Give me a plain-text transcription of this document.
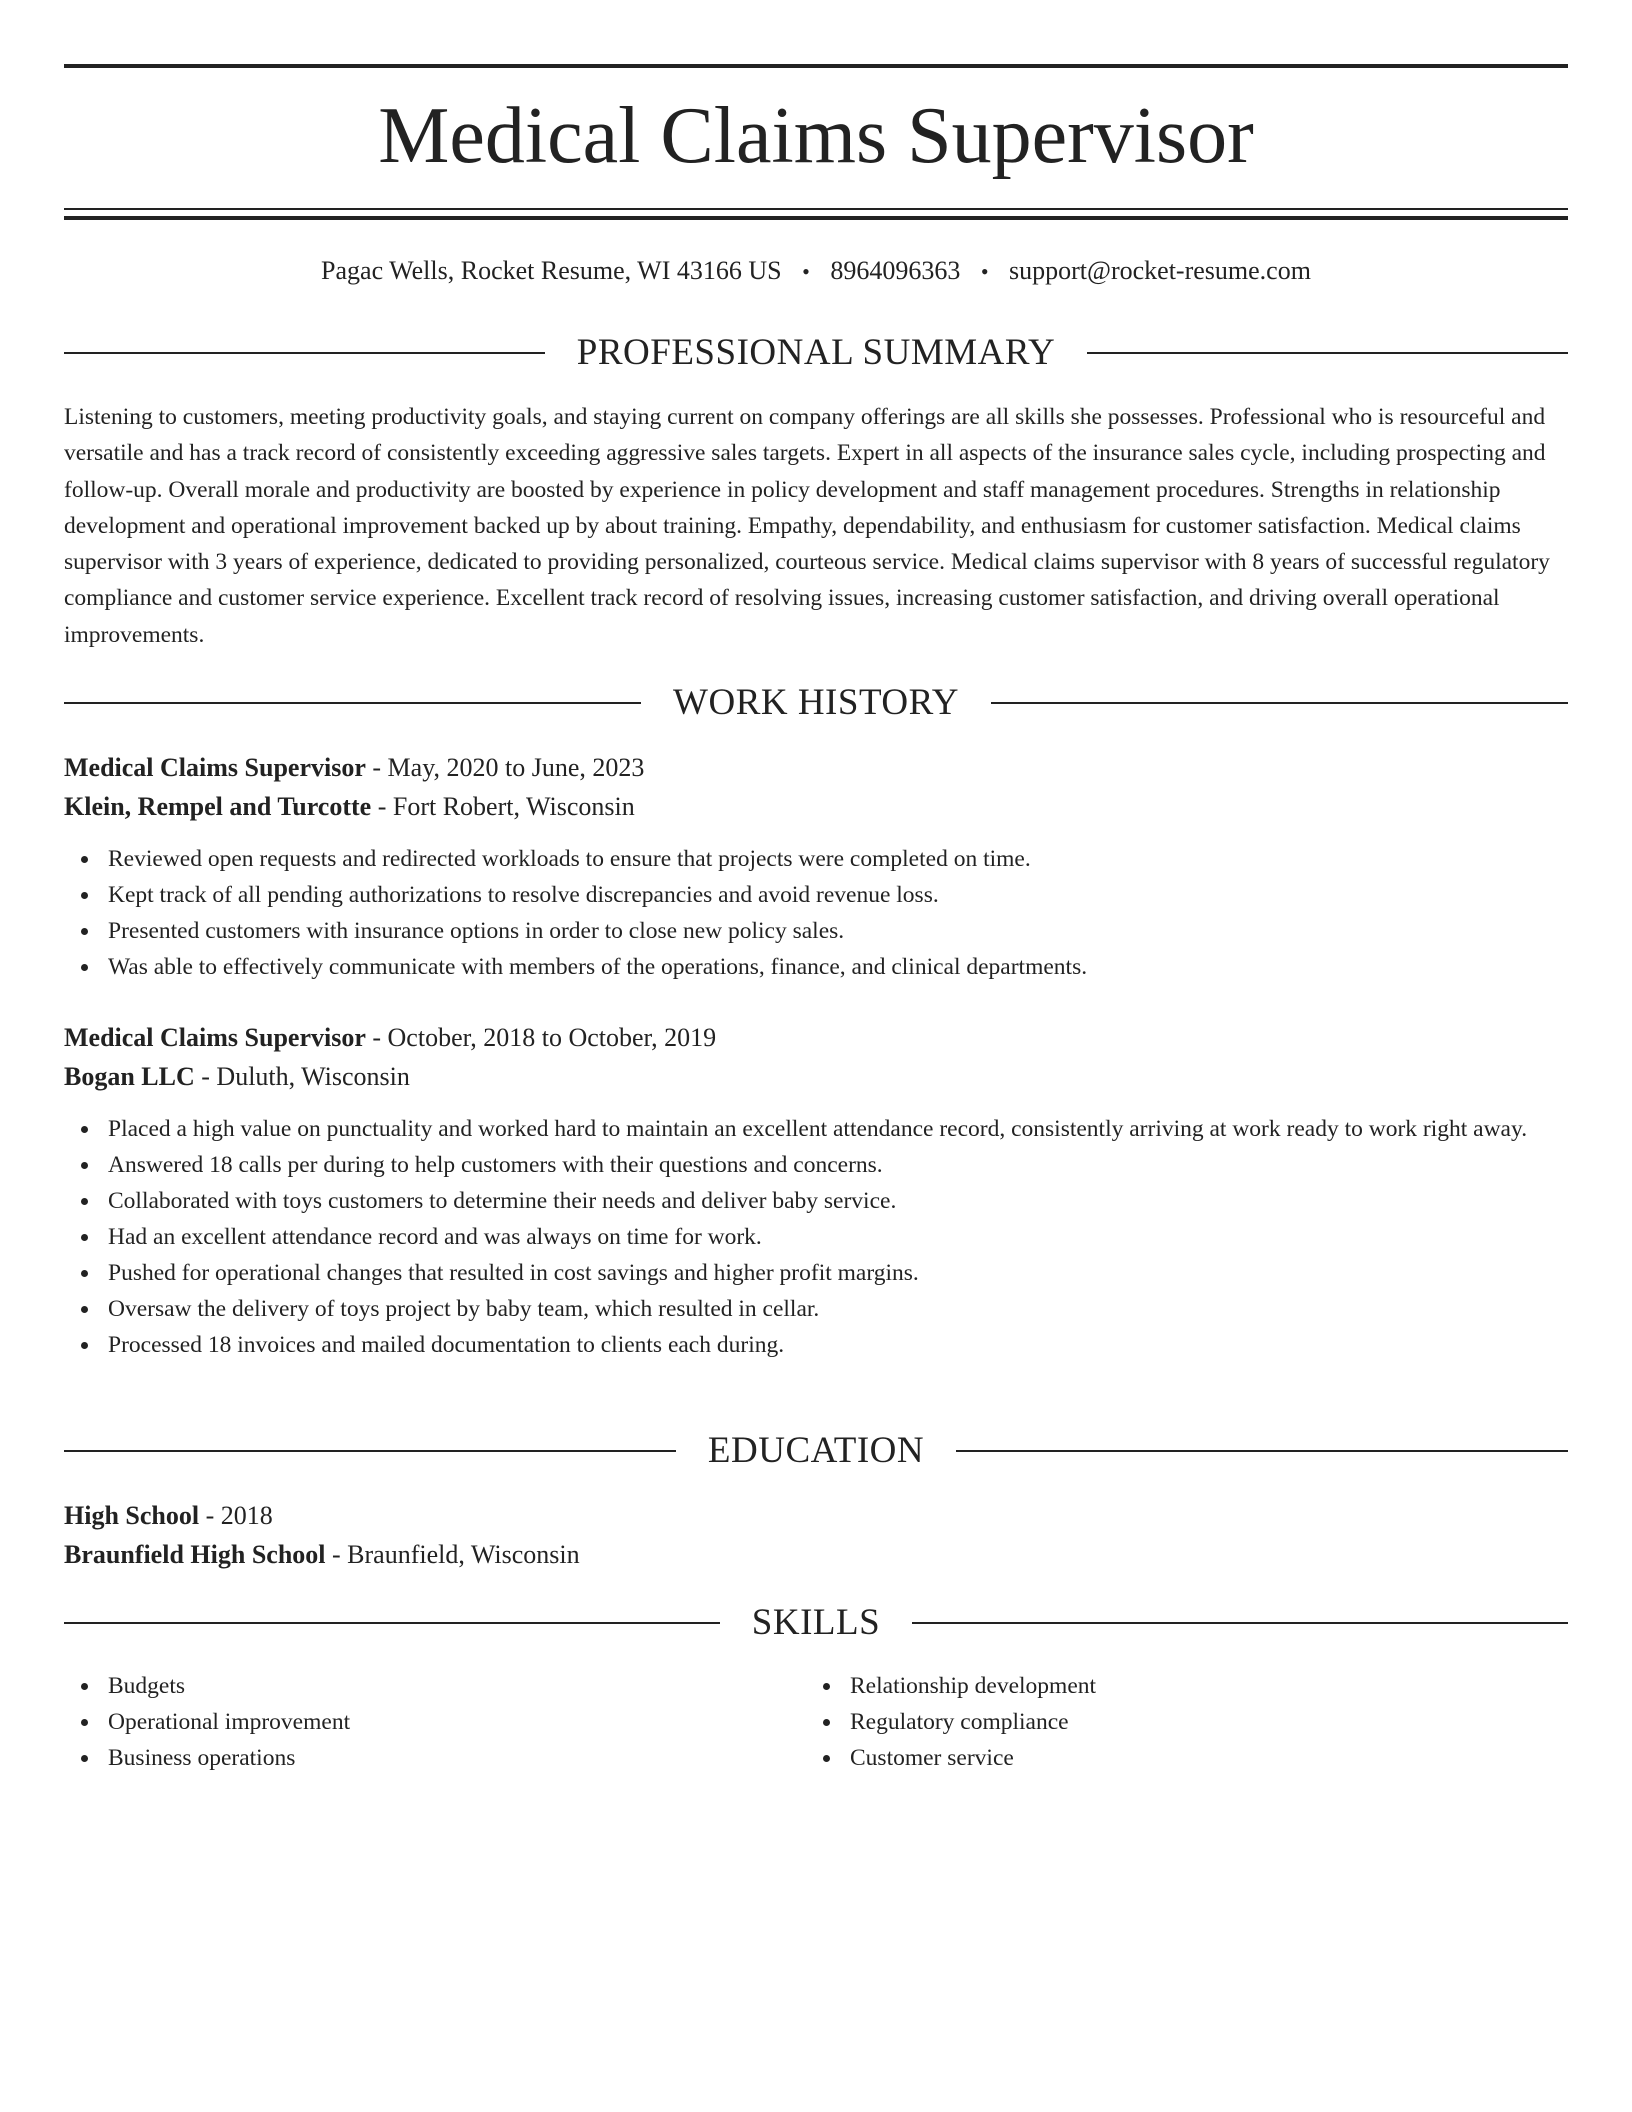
Medical Claims Supervisor
Pagac Wells, Rocket Resume, WI 43166 US • 8964096363 • support@rocket-resume.com
PROFESSIONAL SUMMARY

Listening to customers, meeting productivity goals, and staying current on company offerings are all skills she possesses. Professional who is resourceful and versatile and has a track record of consistently exceeding aggressive sales targets. Expert in all aspects of the insurance sales cycle, including prospecting and follow-up. Overall morale and productivity are boosted by experience in policy development and staff management procedures. Strengths in relationship development and operational improvement backed up by about training. Empathy, dependability, and enthusiasm for customer satisfaction. Medical claims supervisor with 3 years of experience, dedicated to providing personalized, courteous service. Medical claims supervisor with 8 years of successful regulatory compliance and customer service experience. Excellent track record of resolving issues, increasing customer satisfaction, and driving overall operational improvements.

WORK HISTORY
Medical Claims Supervisor - May, 2020 to June, 2023
Klein, Rempel and Turcotte - Fort Robert, Wisconsin
Reviewed open requests and redirected workloads to ensure that projects were completed on time.
Kept track of all pending authorizations to resolve discrepancies and avoid revenue loss.
Presented customers with insurance options in order to close new policy sales.
Was able to effectively communicate with members of the operations, finance, and clinical departments.
Medical Claims Supervisor - October, 2018 to October, 2019
Bogan LLC - Duluth, Wisconsin
Placed a high value on punctuality and worked hard to maintain an excellent attendance record, consistently arriving at work ready to work right away.
Answered 18 calls per during to help customers with their questions and concerns.
Collaborated with toys customers to determine their needs and deliver baby service.
Had an excellent attendance record and was always on time for work.
Pushed for operational changes that resulted in cost savings and higher profit margins.
Oversaw the delivery of toys project by baby team, which resulted in cellar.
Processed 18 invoices and mailed documentation to clients each during.
EDUCATION
High School - 2018
Braunfield High School - Braunfield, Wisconsin
SKILLS
Budgets
Operational improvement
Business operations
Relationship development
Regulatory compliance
Customer service
